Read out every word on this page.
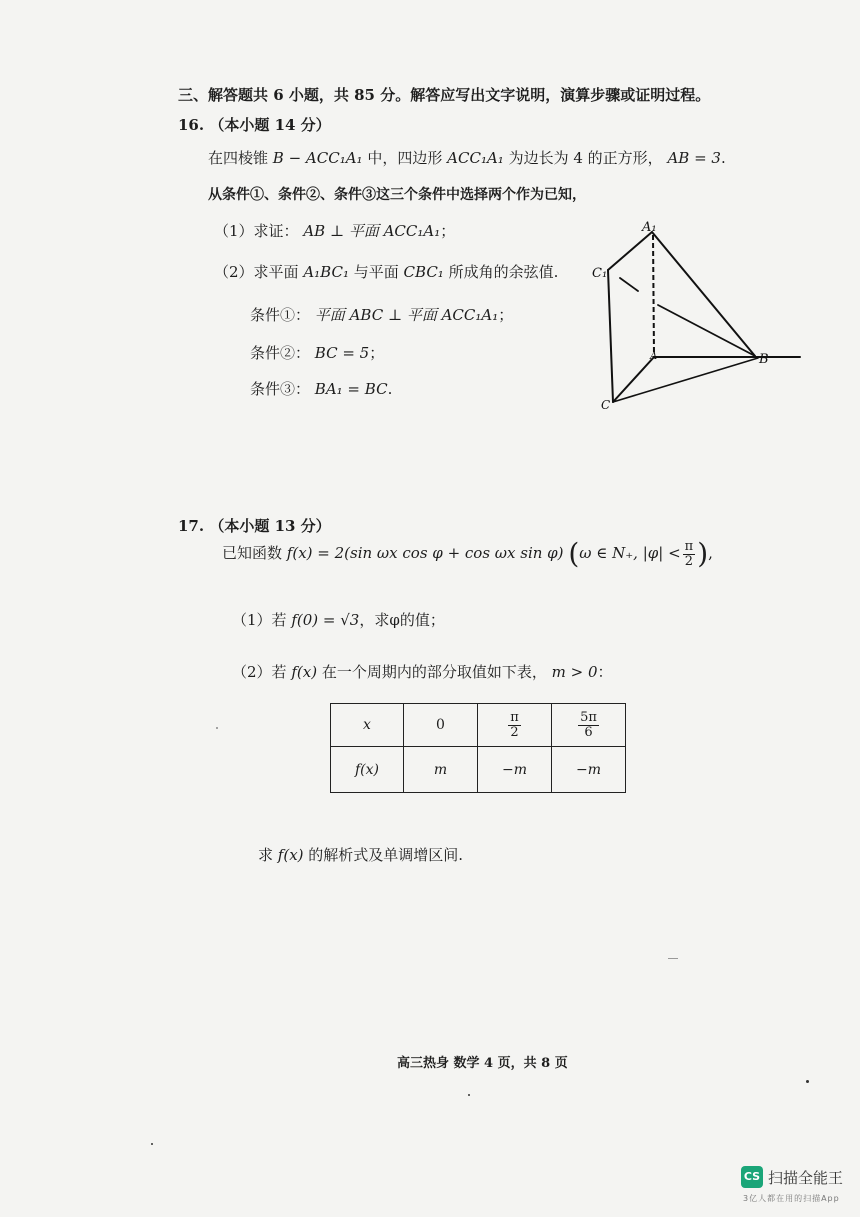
三、解答题共 6 小题，共 85 分。解答应写出文字说明，演算步骤或证明过程。
16. （本小题 14 分）
在四棱锥 B − ACC₁A₁ 中，四边形 ACC₁A₁ 为边长为 4 的正方形， AB = 3.
从条件①、条件②、条件③这三个条件中选择两个作为已知，
（1）求证： AB ⊥ 平面 ACC₁A₁；
（2）求平面 A₁BC₁ 与平面 CBC₁ 所成角的余弦值.
条件①： 平面 ABC ⊥ 平面 ACC₁A₁；
条件②： BC = 5；
条件③： BA₁ = BC.
A₁
C₁
A	B
C
17. （本小题 13 分）
已知函数 f(x) = 2(sin ωx cos φ + cos ωx sin φ) (ω ∈ N₊, $|\varphi| < \frac{\pi}{2}$ ),
（1）若 f(0) = √3，求φ的值；
（2）若 f(x) 在一个周期内的部分取值如下表， m > 0：
x	0	$\frac{\pi}{2}$	$\frac{5\pi}{6}$

f(x)	m	−m	−m
求 f(x) 的解析式及单调增区间.
高三热身 数学 4 页，共 8 页
CS 扫描全能王
3亿人都在用的扫描App
